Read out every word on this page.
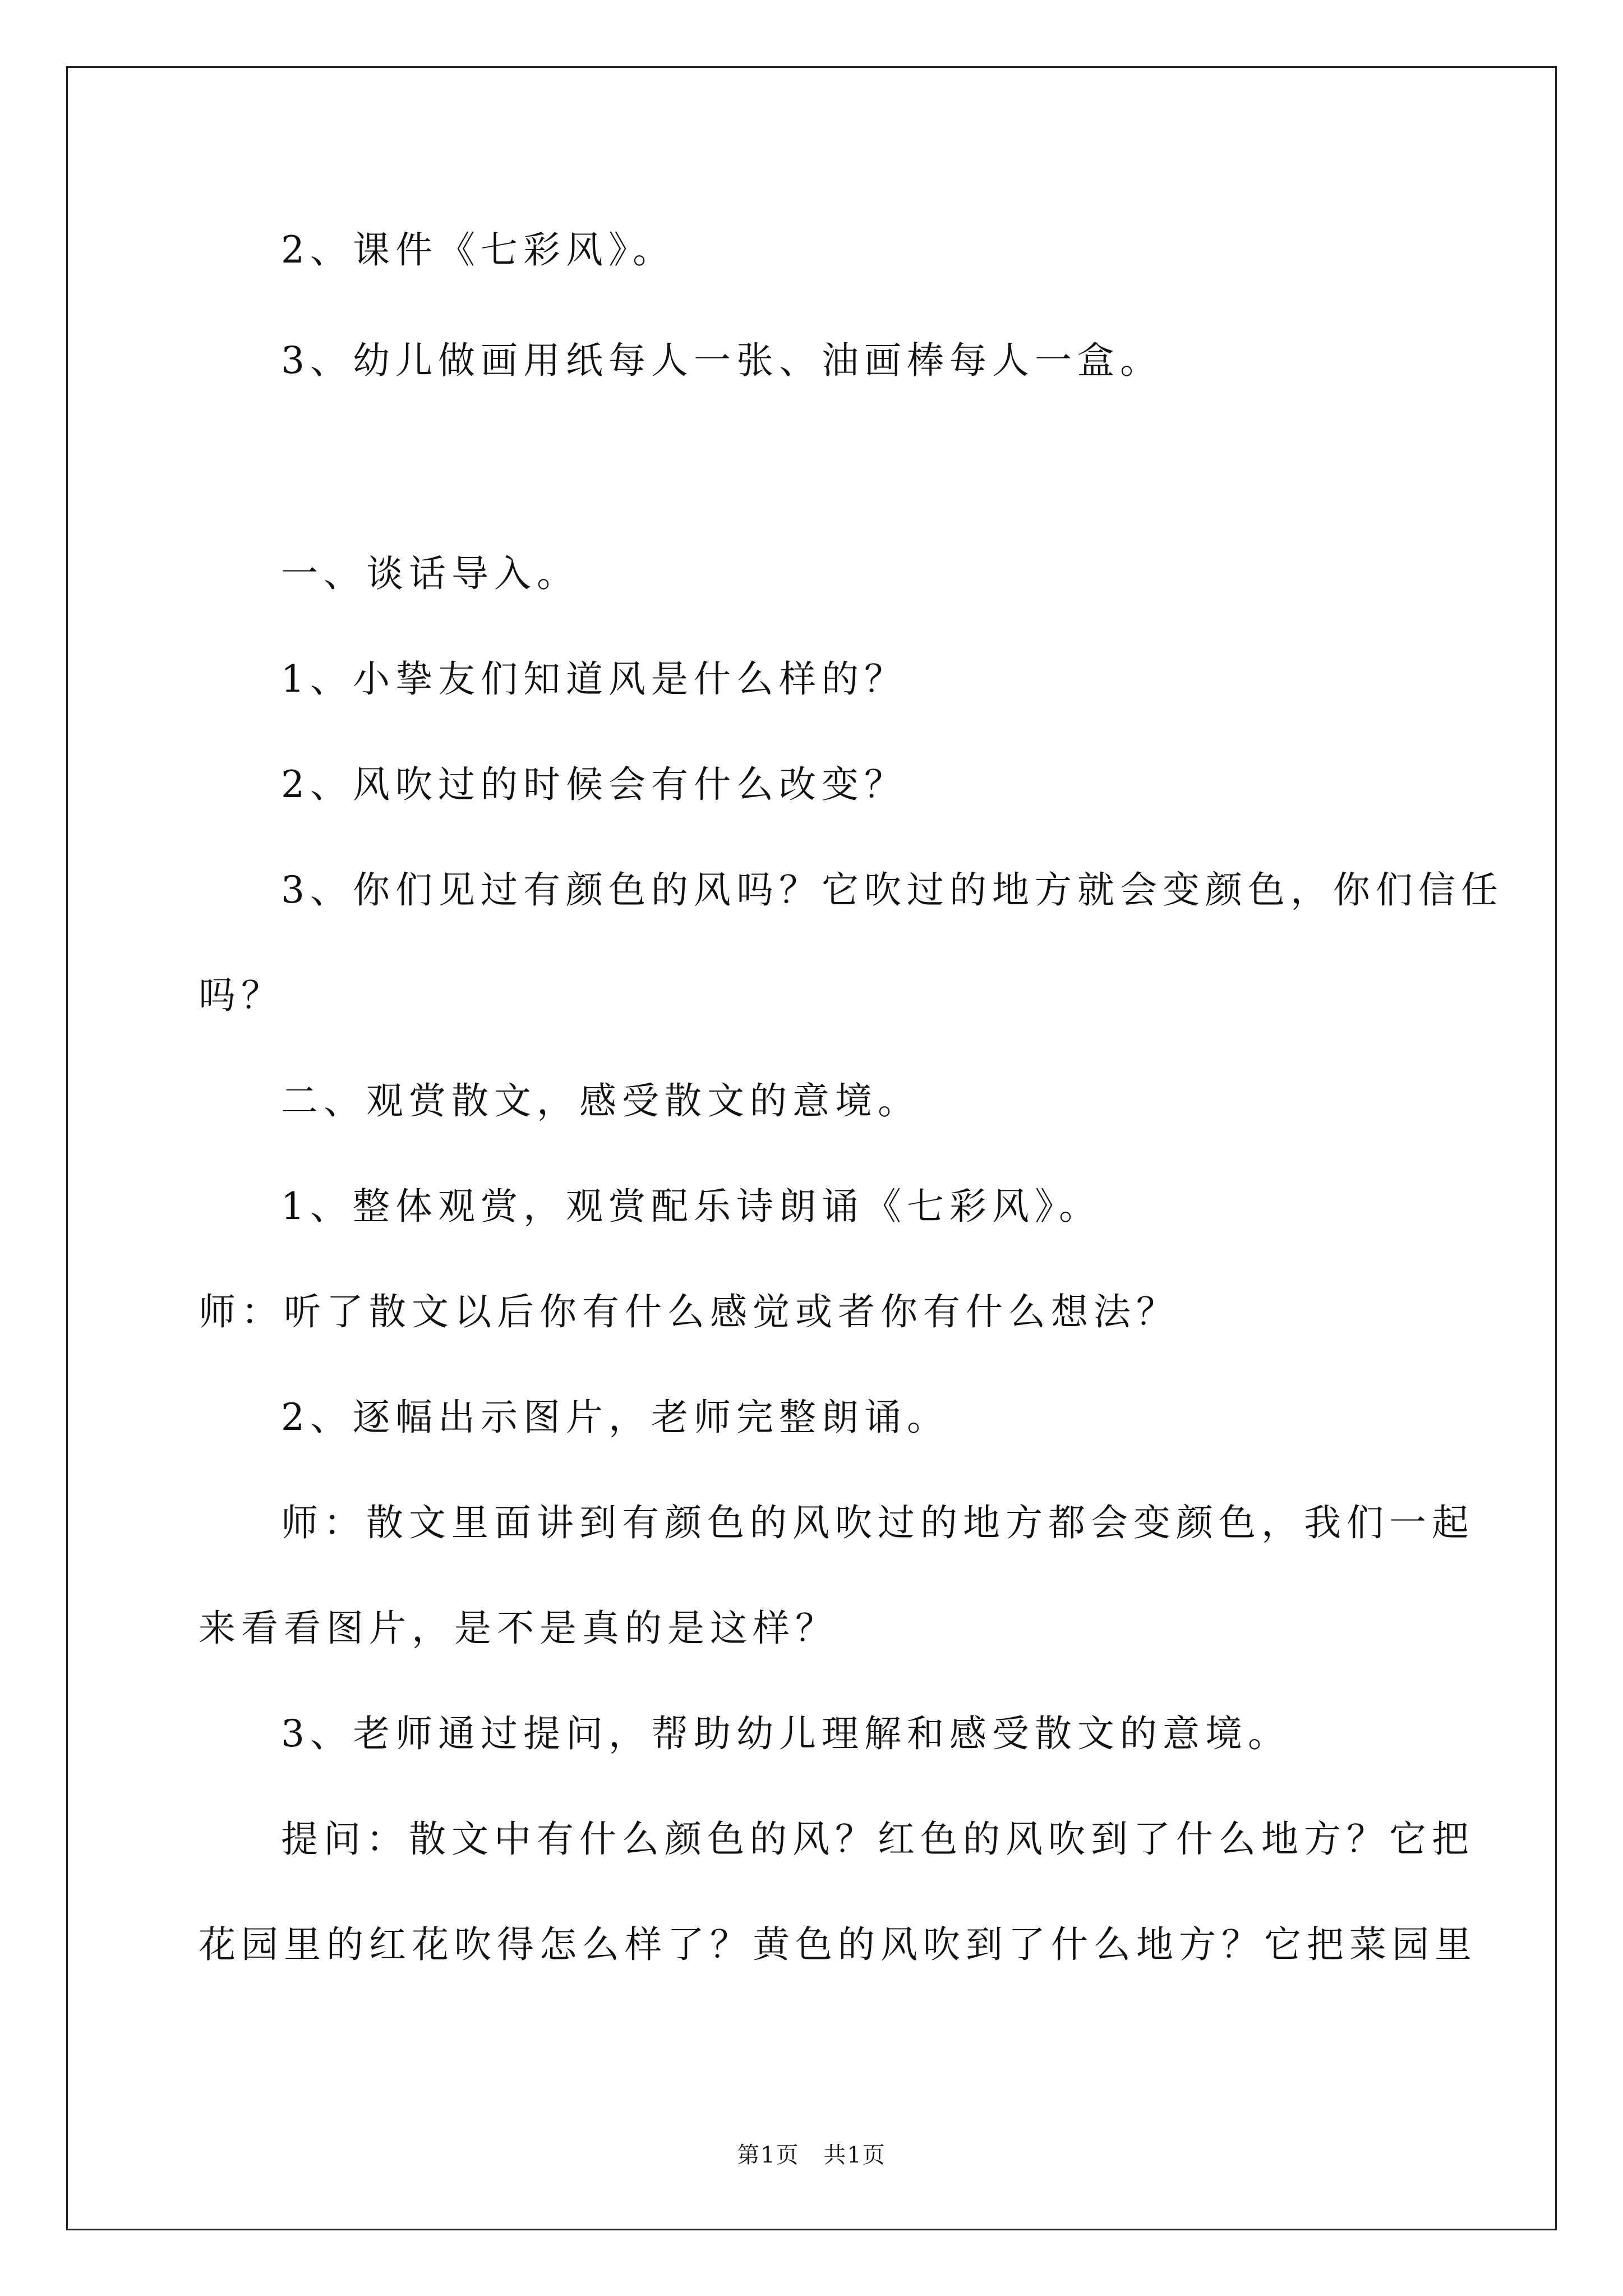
2、课件《七彩风》。
3、幼儿做画用纸每人一张、油画棒每人一盒。
一、谈话导入。
1、小挚友们知道风是什么样的？
2、风吹过的时候会有什么改变？
3、你们见过有颜色的风吗？它吹过的地方就会变颜色，你们信任
吗？
二、观赏散文，感受散文的意境。
1、整体观赏，观赏配乐诗朗诵《七彩风》。
师：听了散文以后你有什么感觉或者你有什么想法？
2、逐幅出示图片，老师完整朗诵。
师：散文里面讲到有颜色的风吹过的地方都会变颜色，我们一起
来看看图片，是不是真的是这样？
3、老师通过提问，帮助幼儿理解和感受散文的意境。
提问：散文中有什么颜色的风？红色的风吹到了什么地方？它把
花园里的红花吹得怎么样了？黄色的风吹到了什么地方？它把菜园里
第1页 共1页
